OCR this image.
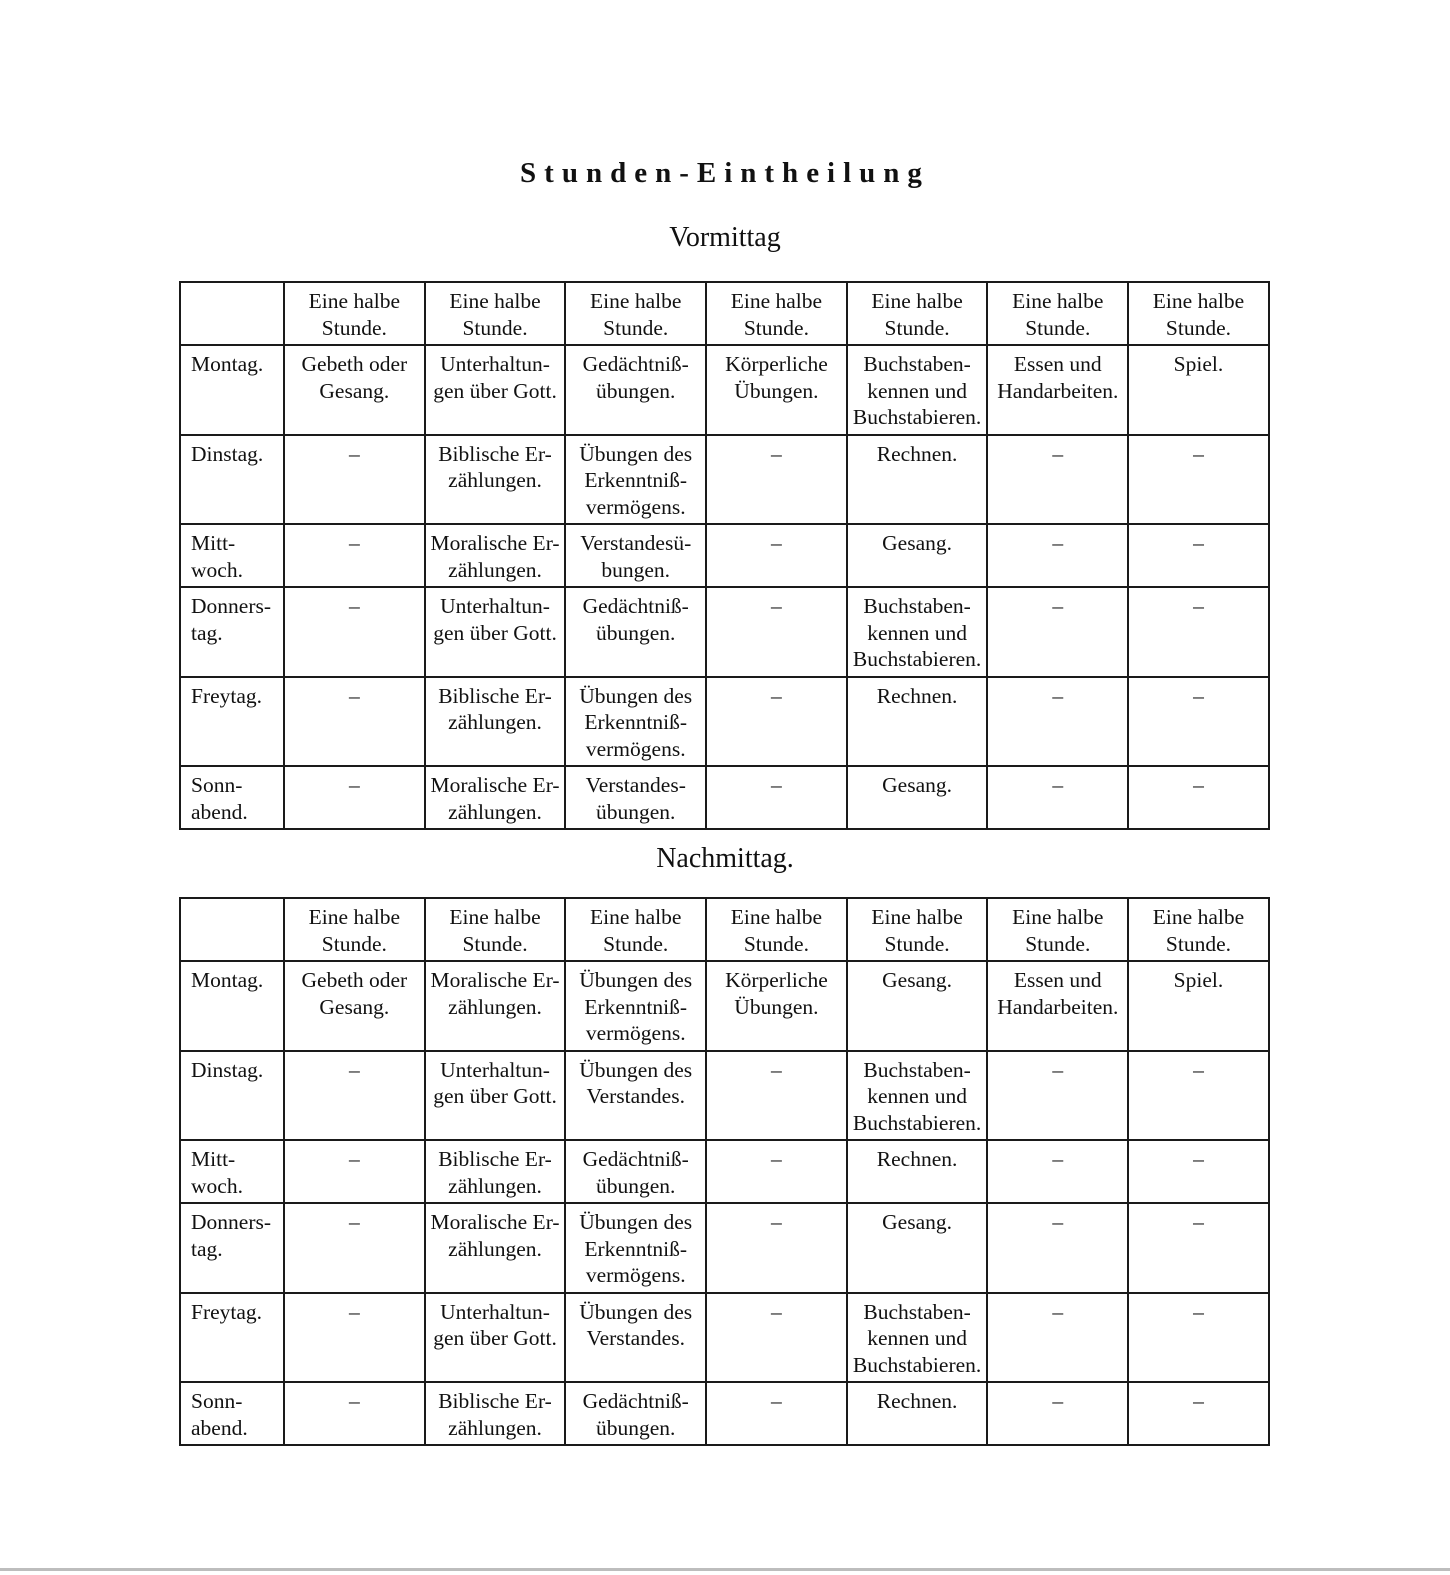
Stunden-Eintheilung
Vormittag
	Eine halbe
Stunde.	Eine halbe
Stunde.	Eine halbe
Stunde.	Eine halbe
Stunde.	Eine halbe
Stunde.	Eine halbe
Stunde.	Eine halbe
Stunde.
Montag.	Gebeth oder
Gesang.	Unterhaltun-
gen über Gott.	Gedächtniß-
übungen.	Körperliche
Übungen.	Buchstaben-
kennen und
Buchstabieren.	Essen und
Handarbeiten.	Spiel.
Dinstag.	–	Biblische Er-
zählungen.	Übungen des
Erkenntniß-
vermögens.	–	Rechnen.	–	–
Mitt-
woch.	–	Moralische Er-
zählungen.	Verstandesü-
bungen.	–	Gesang.	–	–
Donners-
tag.	–	Unterhaltun-
gen über Gott.	Gedächtniß-
übungen.	–	Buchstaben-
kennen und
Buchstabieren.	–	–
Freytag.	–	Biblische Er-
zählungen.	Übungen des
Erkenntniß-
vermögens.	–	Rechnen.	–	–
Sonn-
abend.	–	Moralische Er-
zählungen.	Verstandes-
übungen.	–	Gesang.	–	–
Nachmittag.
	Eine halbe
Stunde.	Eine halbe
Stunde.	Eine halbe
Stunde.	Eine halbe
Stunde.	Eine halbe
Stunde.	Eine halbe
Stunde.	Eine halbe
Stunde.
Montag.	Gebeth oder
Gesang.	Moralische Er-
zählungen.	Übungen des
Erkenntniß-
vermögens.	Körperliche
Übungen.	Gesang.	Essen und
Handarbeiten.	Spiel.
Dinstag.	–	Unterhaltun-
gen über Gott.	Übungen des
Verstandes.	–	Buchstaben-
kennen und
Buchstabieren.	–	–
Mitt-
woch.	–	Biblische Er-
zählungen.	Gedächtniß-
übungen.	–	Rechnen.	–	–
Donners-
tag.	–	Moralische Er-
zählungen.	Übungen des
Erkenntniß-
vermögens.	–	Gesang.	–	–
Freytag.	–	Unterhaltun-
gen über Gott.	Übungen des
Verstandes.	–	Buchstaben-
kennen und
Buchstabieren.	–	–
Sonn-
abend.	–	Biblische Er-
zählungen.	Gedächtniß-
übungen.	–	Rechnen.	–	–
